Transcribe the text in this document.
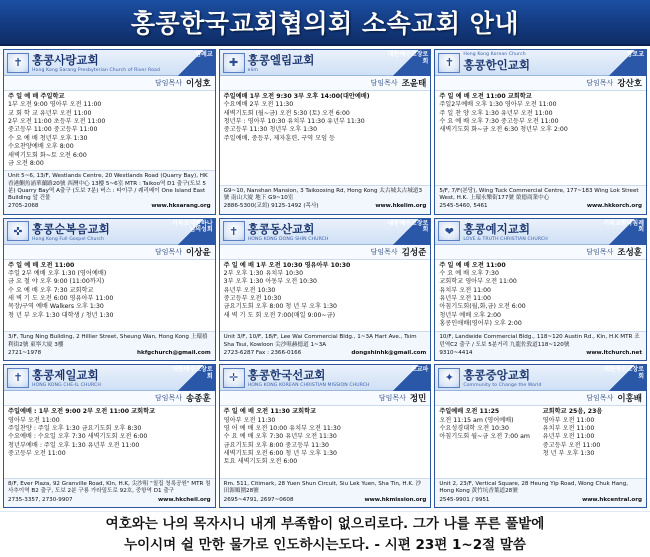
홍콩한국교회협의회 소속교회 안내
✝ 홍콩사랑교회
Hong Kong Sarang Presbyterian Church of River Road
침례교
담임목사 이성호
주 일 예 배 주일학교
1부 오전 9:00 영아부 오전 11:00
교 회 학 교 유년부 오전 11:00
2부 오전 11:00 초등부 오전 11:00
중고등부 11:00 중고등부 11:00
수 요 예 배 청년부 오후 1:30
수요찬양예배 오후 8:00
새벽기도회 화~토 오전 6:00
금 오전 8:00
Unit 5~6, 13/F, Westlands Centre, 20 Westlands Road (Quarry Bay), HK 香港鰂魚涌華蘭路20號 西灣中心 13樓 5~6室 MTR : Taikoo역 D1 출구(도보 5분) Quarry Bay역 A출구 (도보 7분) 버스 : 타이쿠 / 퀘리베이 One Island East Building 앞 건물
2705-2068	www.hksarang.org
✚ 홍콩엘림교회
elim
대한예수교장로회
담임목사 조윤태
주일예배 1부 오전 9:30 3부 오후 14:00(대안예배)
수요예배 2부 오전 11:30
새벽기도회 (월~금) 오전 5:30 (토) 오전 6:00
청년부 : 영아부 10:30 유치부 11:30 유년부 11:30
중고등부 11:30 청년부 오후 1:30
주일예배, 중등부, 제자훈련, 구역 모임 등
G9~10, Nanshan Mansion, 3 Taikoosing Rd, Hong Kong 太古城太古城道3號 南山大廈 地下 G9~10室
2886-5300(교회) 9125-1492 (목사)	www.hkelim.org
✝
Hong Kong Korean Church
홍콩한인교회
장로교
담임목사 강산호
주 일 예 배 오전 11:00 교회학교
주일2부예배 오후 1:30 영아부 오전 11:00
주 일 찬 양 오후 1:30 유년부 오전 11:00
수 요 예 배 오후 7:30 중고등부 오전 11:00
새벽기도회 화~금 오전 6:30 청년부 오후 2:00
5/F, 7/F(본당), Wing Tuck Commercial Centre, 177~183 Wing Lok Street West, H.K. 上環永樂街177號 榮德商業中心
2545-5460, 5461	www.hkkorch.org
✜ 홍콩순복음교회
Hong Kong Full Gospel Church
기독교대한하나님의성회
담임목사 이상윤
주 일 예 배 오전 11:00
주일 2부 예배 오후 1:30 (영어예배)
금 요 철 야 오후 9:00 (11:00까지)
수 요 예 배 오후 7:30 교회학교
새 벽 기 도 오전 6:00 영유아부 11:00
목장/구역 예배 Walkers 오후 1:30
청 년 부 오후 1:30 대학생 / 청년 1:30
3/F, Tung Ning Building, 2 Hillier Street, Sheung Wan, Hong Kong 上環禧利街2號 東寧大廈 3樓
2721~1978	hkfgchurch@gmail.com
✝ 홍콩동산교회
HONG KONG DONG SHIN CHURCH
대한예수교장로회
담임목사 김성준
주 일 예 배 1부 오전 10:30 영유아부 10:30
2부 오후 1:30 유치부 10:30
3부 오후 1:30 아동부 오전 10:30
유년부 오전 10:30
중고등부 오전 10:30
금요기도회 오후 8:00 청 년 부 오후 1:30
새 벽 기 도 회 오전 7:00(매일 9:00~금)
Unit 3/F, 10/F, 18/F, Lee Wai Commercial Bldg., 1~3A Hart Ave., Tsim Sha Tsui, Kowloon 尖沙咀赫德道 1~3A
2723-6287 Fax : 2366-0166	dongshinhk@gmail.com
❤ 홍콩예지교회
LOVE & TRUTH CHRISTIAN CHURCH
기독교한국침례회
담임목사 조성훈
주 일 예 배 오전 11:00
수 요 예 배 오후 7:30
교회학교 영아부 오전 11:00
유치부 오전 11:00
유년부 오전 11:00
아침기도회(월,화,금) 오전 6:00
청년부 예배 오후 2:00
홍콩인애배(영어부) 오후 2:00
10/F, Landwide Commercial Bldg., 118~120 Austin Rd., Kln, H.K MTR 조던역C2 출구 / 도보 5분거리 九龍佐敦道118~120號
9310~4414	www.ltchurch.net
✝ 홍콩제일교회
HONG KONG CHE-IL CHURCH
대한예수교장로회
담임목사 송종훈
주일예배 : 1부 오전 9:00 2부 오전 11:00 교회학교
영아부 오전 11:00
주일찬양 : 주일 오후 1:30 금요기도회 오후 8:30
수요예배 : 수요일 오후 7:30 새벽기도회 오전 6:00
청년부예배 : 주일 오후 1:30 유년부 오전 11:00
중고등부 오전 11:00
8/F, Ever Plaza, 92 Granville Road, Kln, H.K, 尖沙咀 "칠집 청록공원" MTR 침사추이역 B2 출구, 도보 2분 구룡 가라밀도로 92호, 중항역 D1 출구
2735-3357, 2730-9907	www.hkcheil.org
✛ 홍콩한국선교회
HONG KONG KOREAN CHRISTIAN MISSION CHURCH
초교파
담임목사 정민
주 일 예 배 오전 11:30 교회학교
영아부 오전 11:30
영 어 예 배 오전 10:00 유치부 오전 11:30
수 요 예 배 오후 7:30 유년부 오전 11:30
금요기도회 오후 8:00 중고등부 11:30
새벽기도회 오전 6:00 청 년 부 오후 1:30
토요 새벽기도회 오전 6:00
Rm. 511, Citimark, 28 Yuen Shun Circuit, Siu Lek Yuen, Sha Tin, H.K. 沙田源順圍28號
2695~4791, 2697~0608	www.hkmission.org
✦ 홍콩중앙교회
Community to Change the World
대한예수교장로회
담임목사 이홍배
주일예배 오전 11:25
오전 11:15 am (영어예배)
수요성경대학 오전 10:30
아침기도회 월~금 오전 7:00 am
교회학교 25음, 23음
영아부 오전 11:00
유치부 오전 11:00
유년부 오전 11:00
중고등부 오전 11:00
청 년 부 오후 1:30
Unit 2, 23/F, Vertical Square, 28 Heung Yip Road, Wong Chuk Hang, Hong Kong 黃竹坑香葉道28號
2545-9901 / 9951	www.hkcentral.org
여호와는 나의 목자시니 내게 부족함이 없으리로다. 그가 나를 푸른 풀밭에
누이시며 쉴 만한 물가로 인도하시는도다. - 시편 23편 1~2절 말씀
